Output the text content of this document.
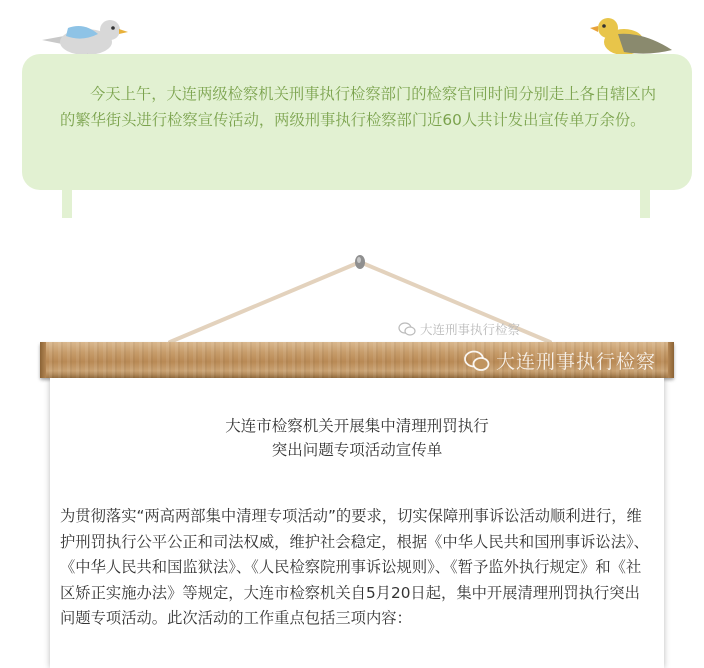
今天上午，大连两级检察机关刑事执行检察部门的检察官同时间分别走上各自辖区内的繁华街头进行检察宣传活动，两级刑事执行检察部门近60人共计发出宣传单万余份。

大连刑事执行检察
大连刑事执行检察
大连市检察机关开展集中清理刑罚执行
突出问题专项活动宣传单

为贯彻落实“两高两部集中清理专项活动”的要求，切实保障刑事诉讼活动顺利进行，维护刑罚执行公平公正和司法权威，维护社会稳定，根据《中华人民共和国刑事诉讼法》、《中华人民共和国监狱法》、《人民检察院刑事诉讼规则》、《暂予监外执行规定》和《社区矫正实施办法》等规定，大连市检察机关自5月20日起，集中开展清理刑罚执行突出问题专项活动。此次活动的工作重点包括三项内容：
